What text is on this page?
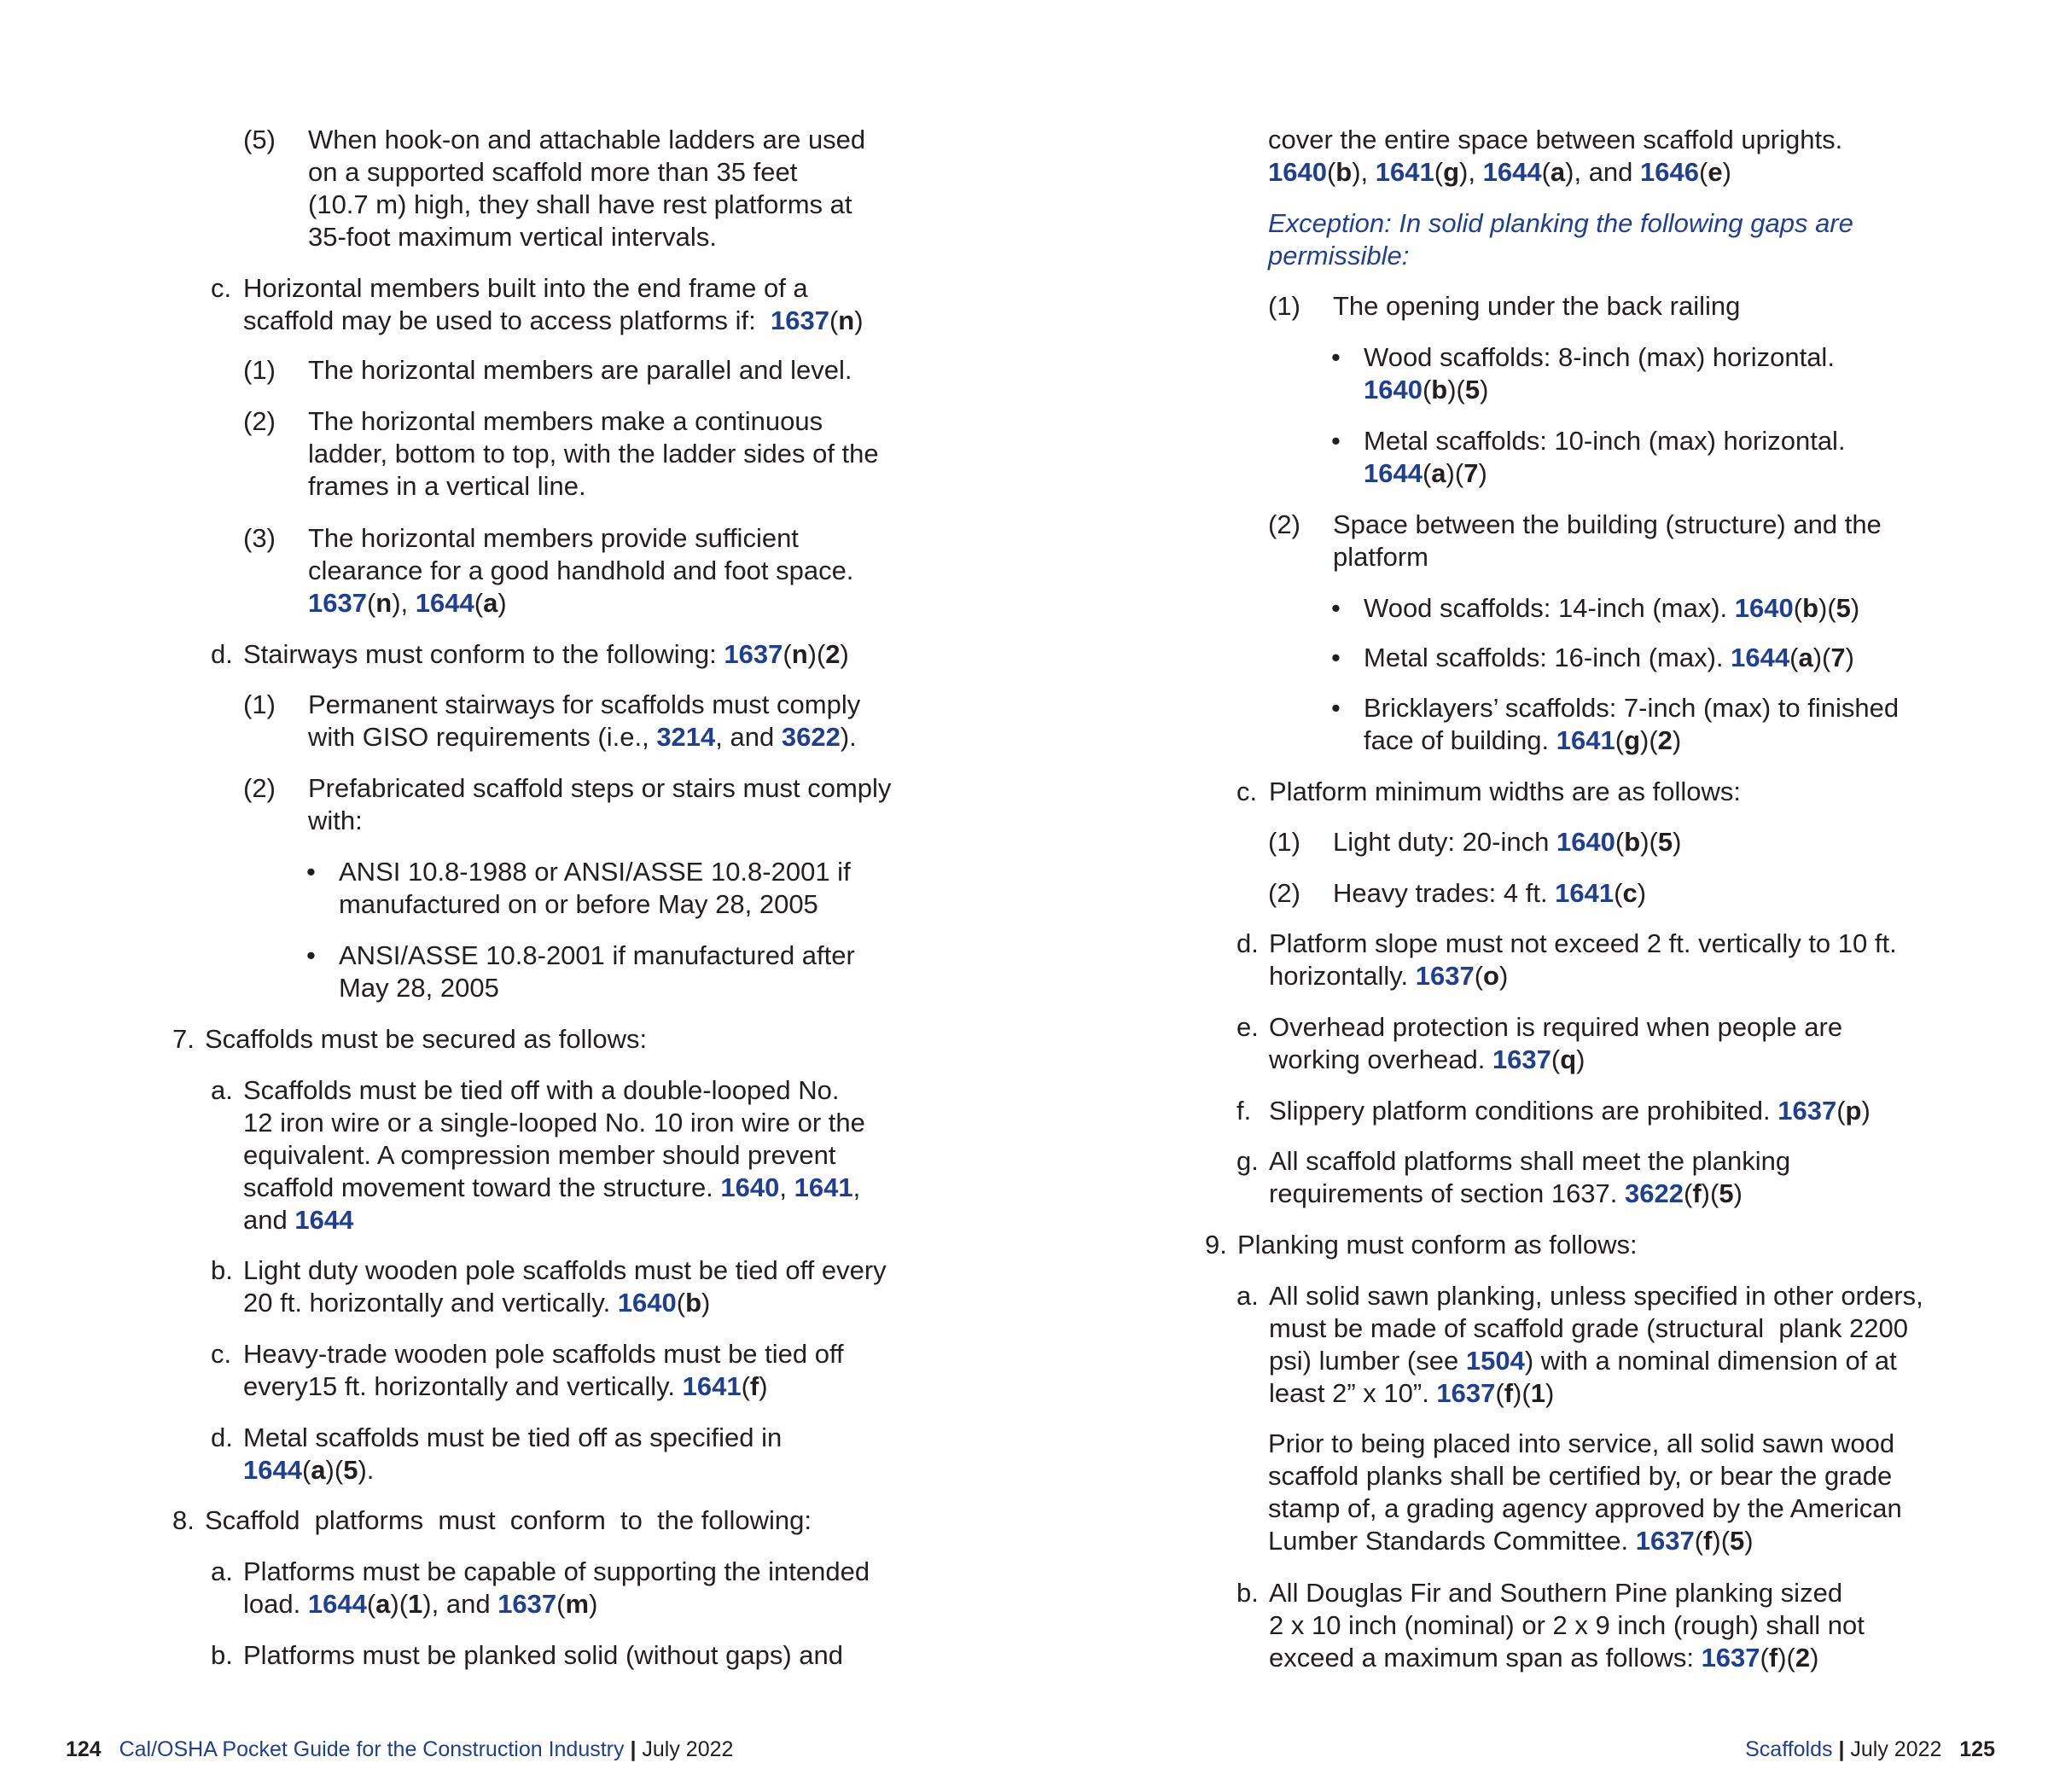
(5) When hook-on and attachable ladders are used
on a supported scaffold more than 35 feet
(10.7 m) high, they shall have rest platforms at
35-foot maximum vertical intervals.
c. Horizontal members built into the end frame of a
scaffold may be used to access platforms if:  1637(n)
(1) The horizontal members are parallel and level.
(2) The horizontal members make a continuous
ladder, bottom to top, with the ladder sides of the
frames in a vertical line.
(3) The horizontal members provide sufficient
clearance for a good handhold and foot space.
1637(n), 1644(a)
d. Stairways must conform to the following: 1637(n)(2)
(1) Permanent stairways for scaffolds must comply
with GISO requirements (i.e., 3214, and 3622).
(2) Prefabricated scaffold steps or stairs must comply
with:
• ANSI 10.8-1988 or ANSI/ASSE 10.8-2001 if
manufactured on or before May 28, 2005
• ANSI/ASSE 10.8-2001 if manufactured after
May 28, 2005
7. Scaffolds must be secured as follows:
a. Scaffolds must be tied off with a double-looped No.
12 iron wire or a single-looped No. 10 iron wire or the
equivalent. A compression member should prevent
scaffold movement toward the structure. 1640, 1641,
and 1644
b. Light duty wooden pole scaffolds must be tied off every
20 ft. horizontally and vertically. 1640(b)
c. Heavy-trade wooden pole scaffolds must be tied off
every15 ft. horizontally and vertically. 1641(f)
d. Metal scaffolds must be tied off as specified in
1644(a)(5).
8. Scaffold  platforms  must  conform  to  the following:
a. Platforms must be capable of supporting the intended
load. 1644(a)(1), and 1637(m)
b. Platforms must be planked solid (without gaps) and
124 Cal/OSHA Pocket Guide for the Construction Industry | July 2022
cover the entire space between scaffold uprights.
1640(b), 1641(g), 1644(a), and 1646(e)
Exception: In solid planking the following gaps are
permissible:
(1) The opening under the back railing
• Wood scaffolds: 8-inch (max) horizontal.
1640(b)(5)
• Metal scaffolds: 10-inch (max) horizontal.
1644(a)(7)
(2) Space between the building (structure) and the
platform
• Wood scaffolds: 14-inch (max). 1640(b)(5)
• Metal scaffolds: 16-inch (max). 1644(a)(7)
• Bricklayers’ scaffolds: 7-inch (max) to finished
face of building. 1641(g)(2)
c. Platform minimum widths are as follows:
(1) Light duty: 20-inch 1640(b)(5)
(2) Heavy trades: 4 ft. 1641(c)
d. Platform slope must not exceed 2 ft. vertically to 10 ft.
horizontally. 1637(o)
e. Overhead protection is required when people are
working overhead. 1637(q)
f. Slippery platform conditions are prohibited. 1637(p)
g. All scaffold platforms shall meet the planking
requirements of section 1637. 3622(f)(5)
9. Planking must conform as follows:
a. All solid sawn planking, unless specified in other orders,
must be made of scaffold grade (structural  plank 2200
psi) lumber (see 1504) with a nominal dimension of at
least 2” x 10”. 1637(f)(1)
Prior to being placed into service, all solid sawn wood
scaffold planks shall be certified by, or bear the grade
stamp of, a grading agency approved by the American
Lumber Standards Committee. 1637(f)(5)
b. All Douglas Fir and Southern Pine planking sized
2 x 10 inch (nominal) or 2 x 9 inch (rough) shall not
exceed a maximum span as follows: 1637(f)(2)
Scaffolds | July 2022 125
